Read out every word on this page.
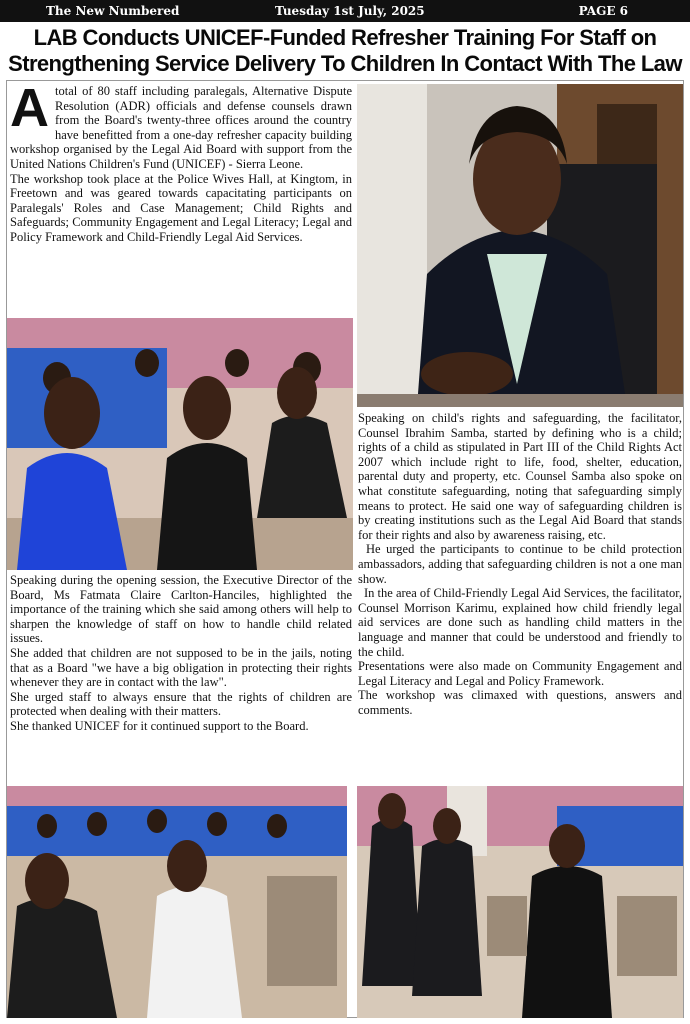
The New Numbered	Tuesday 1st July, 2025	PAGE 6
LAB Conducts UNICEF-Funded Refresher Training For Staff on
Strengthening Service Delivery To Children In Contact With The Law

Atotal of 80 staff including paralegals, Alternative Dispute Resolution (ADR) officials and defense counsels drawn from the Board's twenty-three offices around the country have benefitted from a one-day refresher capacity building workshop organised by the Legal Aid Board with support from the United Nations Children's Fund (UNICEF) - Sierra Leone.

The workshop took place at the Police Wives Hall, at Kingtom, in Freetown and was geared towards capacitating participants on Paralegals' Roles and Case Management; Child Rights and Safeguards; Community Engagement and Legal Literacy; Legal and Policy Framework and Child-Friendly Legal Aid Services.

Speaking on child's rights and safeguarding, the facilitator, Counsel Ibrahim Samba, started by defining who is a child; rights of a child as stipulated in Part III of the Child Rights Act 2007 which include right to life, food, shelter, education, parental duty and property, etc. Counsel Samba also spoke on what constitute safeguarding, noting that safeguarding simply means to protect. He said one way of safeguarding children is by creating institutions such as the Legal Aid Board that stands for their rights and also by awareness raising, etc.

He urged the participants to continue to be child protection ambassadors, adding that safeguarding children is not a one man show.

In the area of Child-Friendly Legal Aid Services, the facilitator, Counsel Morrison Karimu, explained how child friendly legal aid services are done such as handling child matters in the language and manner that could be understood and friendly to the child.

Presentations were also made on Community Engagement and Legal Literacy and Legal and Policy Framework.

The workshop was climaxed with questions, answers and comments.

Speaking during the opening session, the Executive Director of the Board, Ms Fatmata Claire Carlton-Hanciles, highlighted the importance of the training which she said among others will help to sharpen the knowledge of staff on how to handle child related issues.

She added that children are not supposed to be in the jails, noting that as a Board "we have a big obligation in protecting their rights whenever they are in contact with the law".

She urged staff to always ensure that the rights of children are protected when dealing with their matters.

She thanked UNICEF for it continued support to the Board.
